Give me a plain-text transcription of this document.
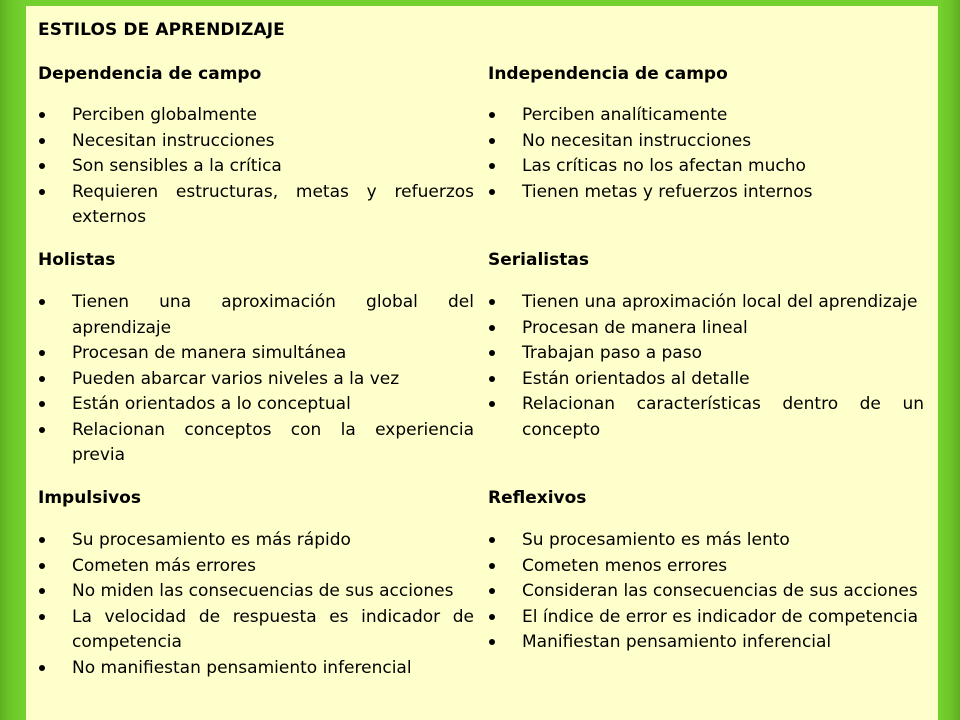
ESTILOS DE APRENDIZAJE
Dependencia de campo
Perciben globalmente
Necesitan instrucciones
Son sensibles a la crítica
Requieren estructuras, metas y refuerzos externos
Independencia de campo
Perciben analíticamente
No necesitan instrucciones
Las críticas no los afectan mucho
Tienen metas y refuerzos internos
Holistas
Tienen una aproximación global del aprendizaje
Procesan de manera simultánea
Pueden abarcar varios niveles a la vez
Están orientados a lo conceptual
Relacionan conceptos con la experiencia previa
Serialistas
Tienen una aproximación local del aprendizaje
Procesan de manera lineal
Trabajan paso a paso
Están orientados al detalle
Relacionan características dentro de un concepto
Impulsivos
Su procesamiento es más rápido
Cometen más errores
No miden las consecuencias de sus acciones
La velocidad de respuesta es indicador de competencia
No manifiestan pensamiento inferencial
Reflexivos
Su procesamiento es más lento
Cometen menos errores
Consideran las consecuencias de sus acciones
El índice de error es indicador de competencia
Manifiestan pensamiento inferencial
